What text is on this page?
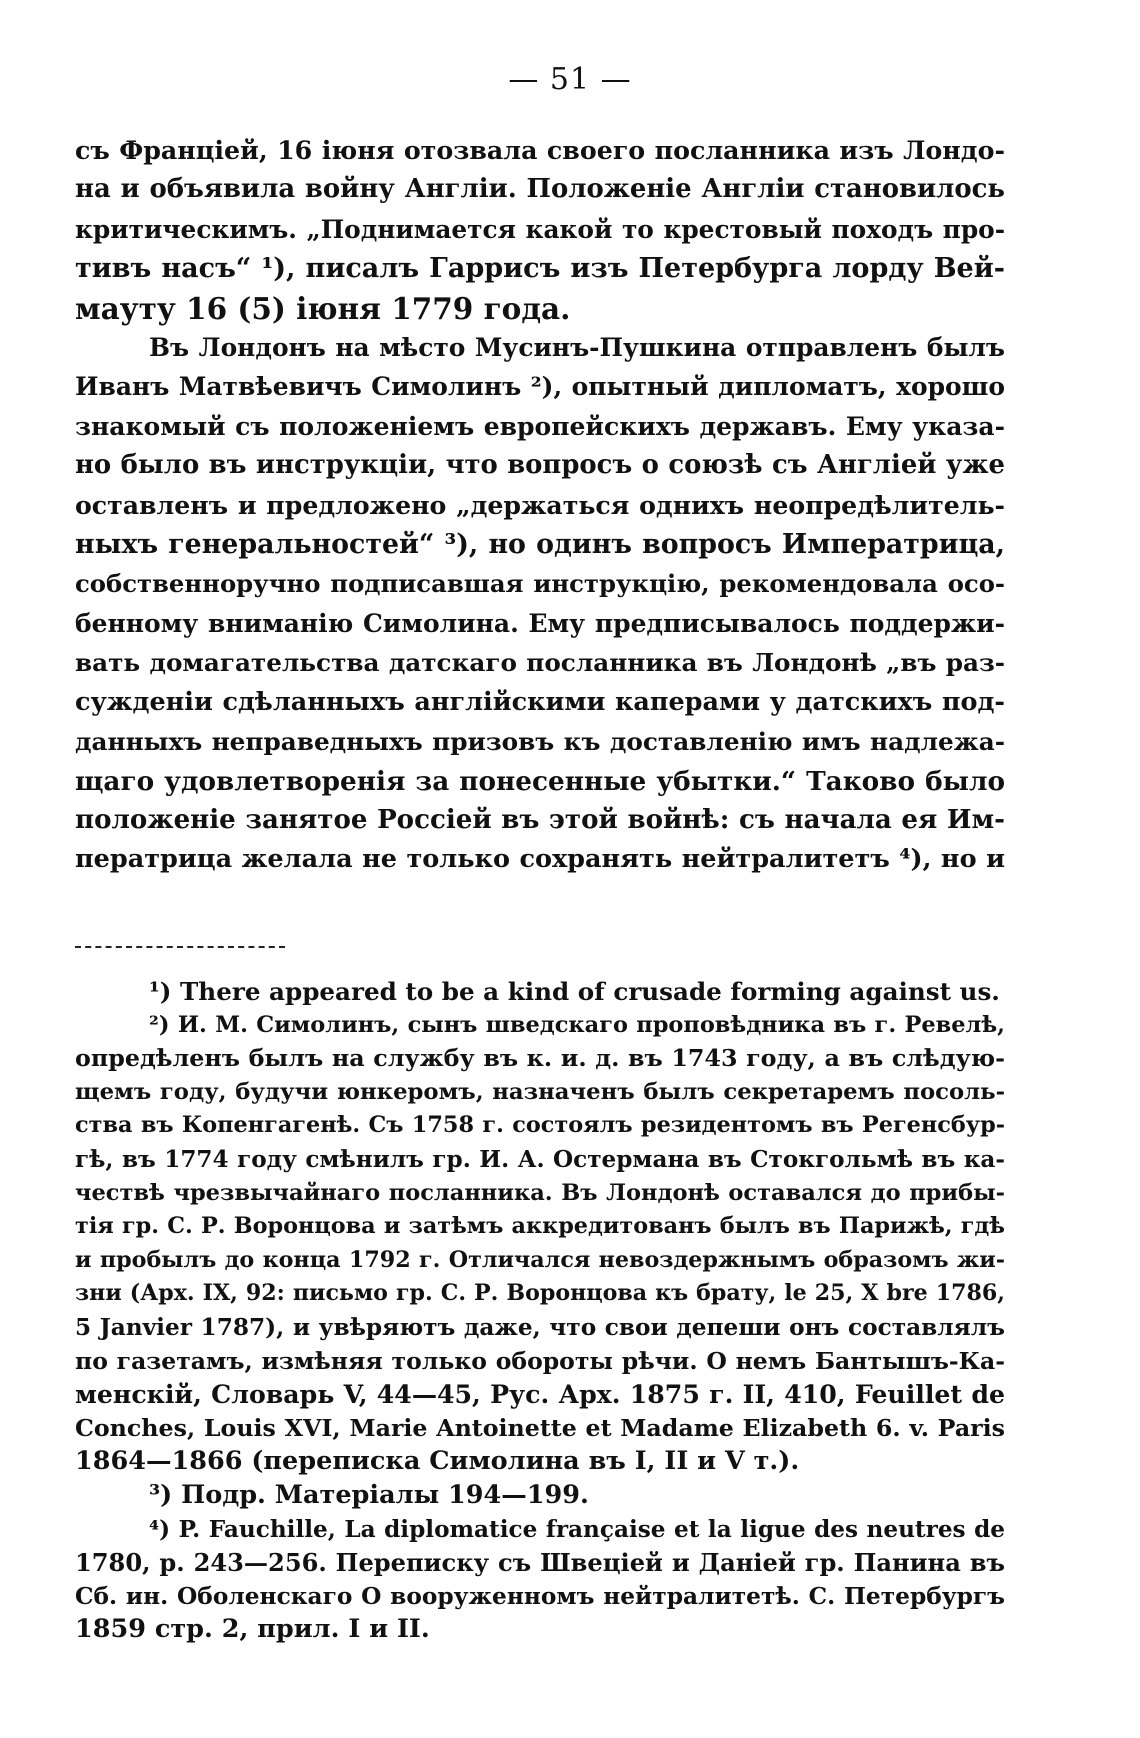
— 51 —
съ Франціей, 16 іюня отозвала своего посланника изъ Лондо-
на и объявила войну Англіи. Положеніе Англіи становилось
критическимъ. „Поднимается какой то крестовый походъ про-
тивъ насъ“ ¹), писалъ Гаррисъ изъ Петербурга лорду Вей-
мауту 16 (5) іюня 1779 года.
Въ Лондонъ на мѣсто Мусинъ-Пушкина отправленъ былъ
Иванъ Матвѣевичъ Симолинъ ²), опытный дипломатъ, хорошо
знакомый съ положеніемъ европейскихъ державъ. Ему указа-
но было въ инструкціи, что вопросъ о союзѣ съ Англіей уже
оставленъ и предложено „держаться однихъ неопредѣлитель-
ныхъ генеральностей“ ³), но одинъ вопросъ Императрица,
собственноручно подписавшая инструкцію, рекомендовала осо-
бенному вниманію Симолина. Ему предписывалось поддержи-
вать домагательства датскаго посланника въ Лондонѣ „въ раз-
сужденіи сдѣланныхъ англійскими каперами у датскихъ под-
данныхъ неправедныхъ призовъ къ доставленію имъ надлежа-
щаго удовлетворенія за понесенные убытки.“ Таково было
положеніе занятое Россіей въ этой войнѣ: съ начала ея Им-
ператрица желала не только сохранять нейтралитетъ ⁴), но и
¹) There appeared to be a kind of crusade forming against us.
²) И. М. Симолинъ, сынъ шведскаго проповѣдника въ г. Ревелѣ,
опредѣленъ былъ на службу въ к. и. д. въ 1743 году, а въ слѣдую-
щемъ году, будучи юнкеромъ, назначенъ былъ секретаремъ посоль-
ства въ Копенгагенѣ. Съ 1758 г. состоялъ резидентомъ въ Регенсбур-
гѣ, въ 1774 году смѣнилъ гр. И. А. Остермана въ Стокгольмѣ въ ка-
чествѣ чрезвычайнаго посланника. Въ Лондонѣ оставался до прибы-
тія гр. С. Р. Воронцова и затѣмъ аккредитованъ былъ въ Парижѣ, гдѣ
и пробылъ до конца 1792 г. Отличался невоздержнымъ образомъ жи-
зни (Арх. IX, 92: письмо гр. С. Р. Воронцова къ брату, le 25, X bre 1786,
5 Janvier 1787), и увѣряютъ даже, что свои депеши онъ составлялъ
по газетамъ, измѣняя только обороты рѣчи. О немъ Бантышъ-Ка-
менскій, Словарь V, 44—45, Рус. Арх. 1875 г. II, 410, Feuillet de
Conches, Louis XVI, Marie Antoinette et Madame Elizabeth 6. v. Paris
1864—1866 (переписка Симолина въ I, II и V т.).
³) Подр. Матеріалы 194—199.
⁴) P. Fauchille, La diplomatice française et la ligue des neutres de
1780, p. 243—256. Переписку съ Швеціей и Даніей гр. Панина въ
Сб. ин. Оболенскаго О вооруженномъ нейтралитетѣ. С. Петербургъ
1859 стр. 2, прил. I и II.
